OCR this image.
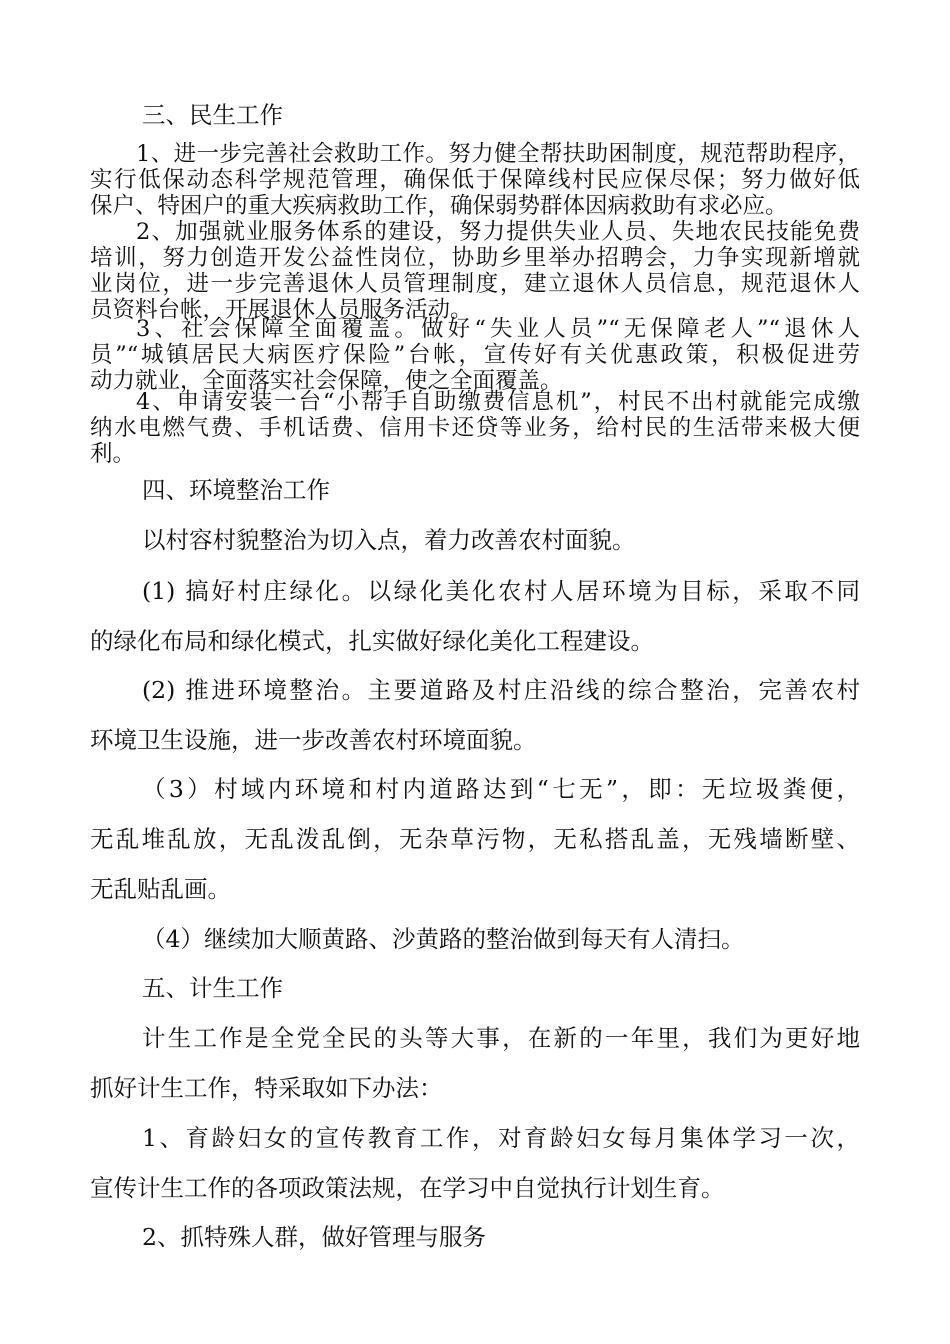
三、民生工作
1、进一步完善社会救助工作。努力健全帮扶助困制度，规范帮助程序，
实行低保动态科学规范管理，确保低于保障线村民应保尽保；努力做好低
保户、特困户的重大疾病救助工作，确保弱势群体因病救助有求必应。
2、加强就业服务体系的建设，努力提供失业人员、失地农民技能免费
培训，努力创造开发公益性岗位，协助乡里举办招聘会，力争实现新增就
业岗位，进一步完善退休人员管理制度，建立退休人员信息，规范退休人
员资料台帐，开展退休人员服务活动。
3、社会保障全面覆盖。做好“失业人员”“无保障老人”“退休人
员”“城镇居民大病医疗保险”台帐，宣传好有关优惠政策，积极促进劳
动力就业，全面落实社会保障，使之全面覆盖。
4、申请安装一台“小帮手自助缴费信息机”，村民不出村就能完成缴
纳水电燃气费、手机话费、信用卡还贷等业务，给村民的生活带来极大便
利。
四、环境整治工作
以村容村貌整治为切入点，着力改善农村面貌。
(1) 搞好村庄绿化。以绿化美化农村人居环境为目标，采取不同
的绿化布局和绿化模式，扎实做好绿化美化工程建设。
(2) 推进环境整治。主要道路及村庄沿线的综合整治，完善农村
环境卫生设施，进一步改善农村环境面貌。
（3）村域内环境和村内道路达到“七无”，即：无垃圾粪便，
无乱堆乱放，无乱泼乱倒，无杂草污物，无私搭乱盖，无残墙断壁、
无乱贴乱画。
（4）继续加大顺黄路、沙黄路的整治做到每天有人清扫。
五、计生工作
计生工作是全党全民的头等大事，在新的一年里，我们为更好地
抓好计生工作，特采取如下办法：
1、育龄妇女的宣传教育工作，对育龄妇女每月集体学习一次，
宣传计生工作的各项政策法规，在学习中自觉执行计划生育。
2、抓特殊人群，做好管理与服务
